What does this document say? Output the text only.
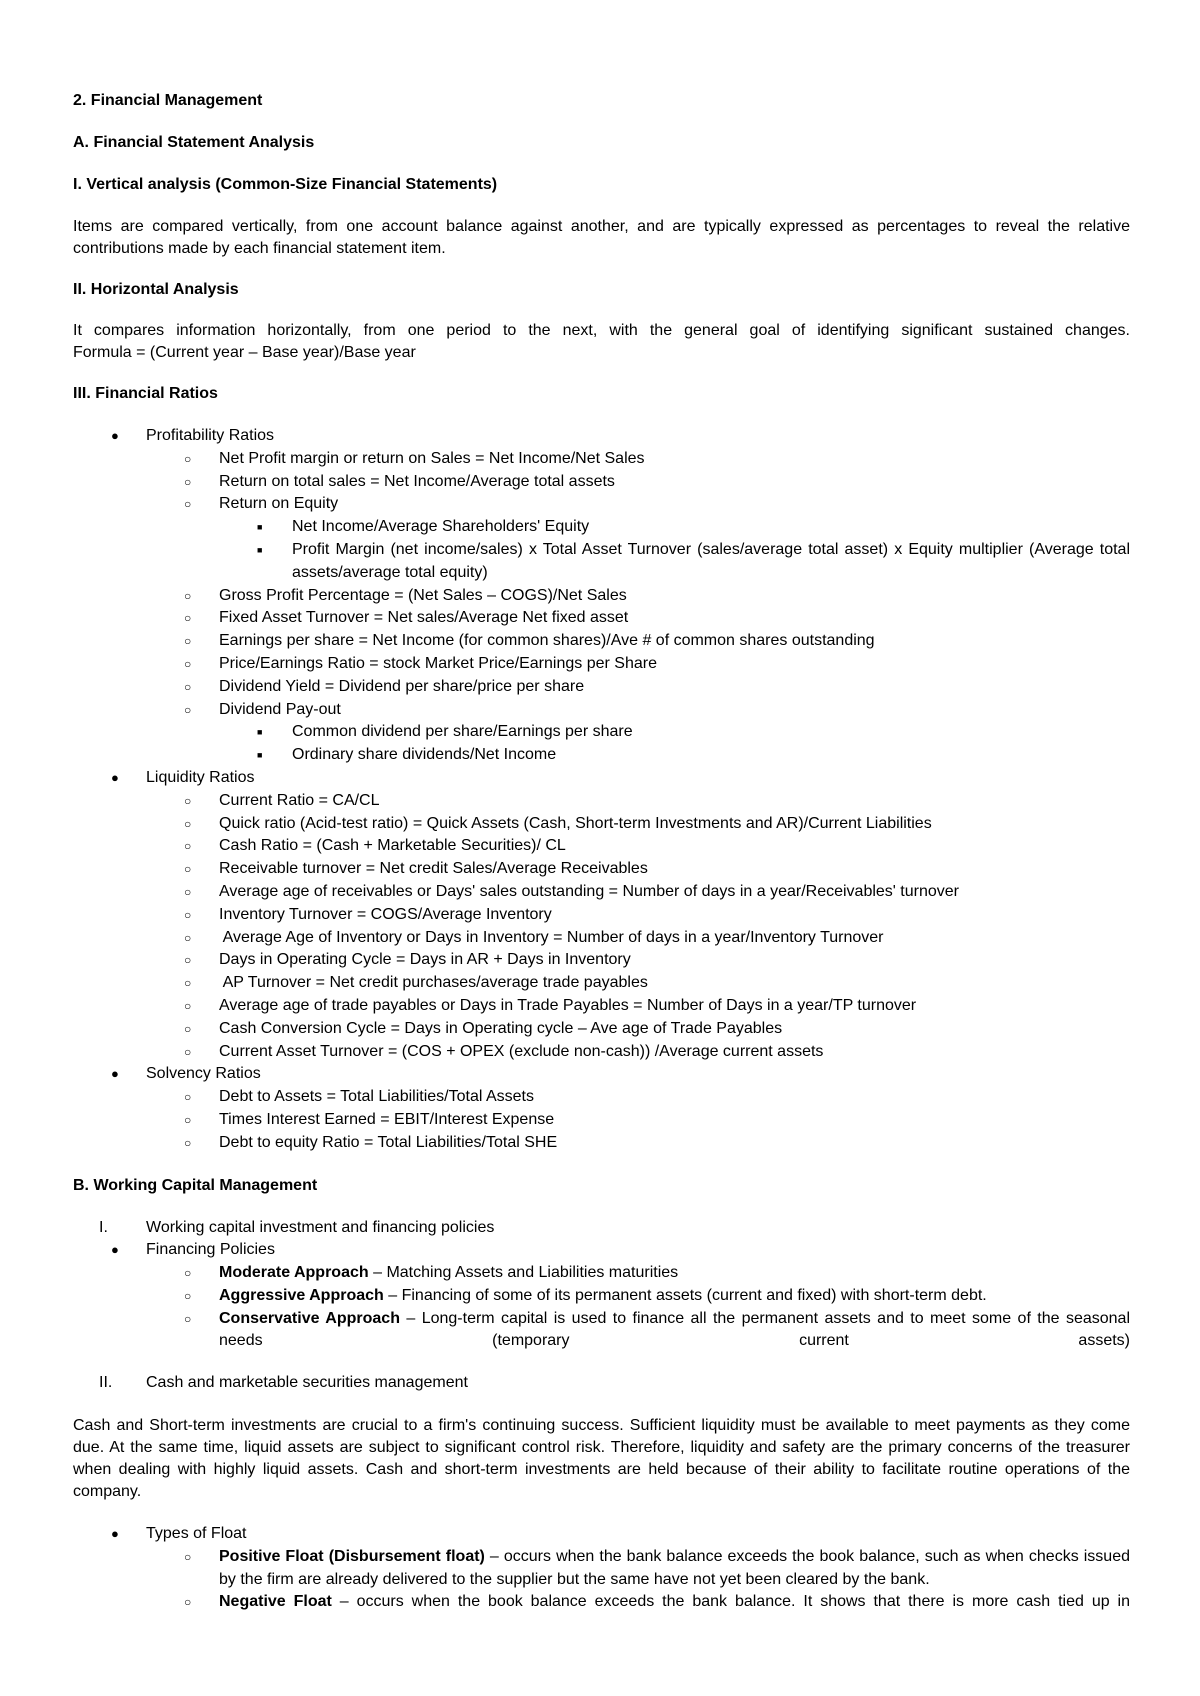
2. Financial Management

A. Financial Statement Analysis

I. Vertical analysis (Common-Size Financial Statements)

Items are compared vertically, from one account balance against another, and are typically expressed as percentages to reveal the relative contributions made by each financial statement item.

II. Horizontal Analysis

It compares information horizontally, from one period to the next, with the general goal of identifying significant sustained changes.

Formula = (Current year – Base year)/Base year

III. Financial Ratios

● Profitability Ratios
○ Net Profit margin or return on Sales = Net Income/Net Sales
○ Return on total sales = Net Income/Average total assets
○ Return on Equity
■ Net Income/Average Shareholders' Equity
■ Profit Margin (net income/sales) x Total Asset Turnover (sales/average total asset) x Equity multiplier (Average total assets/average total equity)
○ Gross Profit Percentage = (Net Sales – COGS)/Net Sales
○ Fixed Asset Turnover = Net sales/Average Net fixed asset
○ Earnings per share = Net Income (for common shares)/Ave # of common shares outstanding
○ Price/Earnings Ratio = stock Market Price/Earnings per Share
○ Dividend Yield = Dividend per share/price per share
○ Dividend Pay-out
■ Common dividend per share/Earnings per share
■ Ordinary share dividends/Net Income
● Liquidity Ratios
○ Current Ratio = CA/CL
○ Quick ratio (Acid-test ratio) = Quick Assets (Cash, Short-term Investments and AR)/Current Liabilities
○ Cash Ratio = (Cash + Marketable Securities)/ CL
○ Receivable turnover = Net credit Sales/Average Receivables
○ Average age of receivables or Days' sales outstanding = Number of days in a year/Receivables' turnover
○ Inventory Turnover = COGS/Average Inventory
○ Average Age of Inventory or Days in Inventory = Number of days in a year/Inventory Turnover
○ Days in Operating Cycle = Days in AR + Days in Inventory
○ AP Turnover = Net credit purchases/average trade payables
○ Average age of trade payables or Days in Trade Payables = Number of Days in a year/TP turnover
○ Cash Conversion Cycle = Days in Operating cycle – Ave age of Trade Payables
○ Current Asset Turnover = (COS + OPEX (exclude non-cash)) /Average current assets
● Solvency Ratios
○ Debt to Assets = Total Liabilities/Total Assets
○ Times Interest Earned = EBIT/Interest Expense
○ Debt to equity Ratio = Total Liabilities/Total SHE

B. Working Capital Management

I. Working capital investment and financing policies
● Financing Policies
○ Moderate Approach – Matching Assets and Liabilities maturities
○ Aggressive Approach – Financing of some of its permanent assets (current and fixed) with short-term debt.
○ Conservative Approach – Long-term capital is used to finance all the permanent assets and to meet some of the seasonal needs (temporary current assets)
II. Cash and marketable securities management

Cash and Short-term investments are crucial to a firm's continuing success. Sufficient liquidity must be available to meet payments as they come due. At the same time, liquid assets are subject to significant control risk. Therefore, liquidity and safety are the primary concerns of the treasurer when dealing with highly liquid assets. Cash and short-term investments are held because of their ability to facilitate routine operations of the company.

● Types of Float
○ Positive Float (Disbursement float) – occurs when the bank balance exceeds the book balance, such as when checks issued by the firm are already delivered to the supplier but the same have not yet been cleared by the bank.
○ Negative Float – occurs when the book balance exceeds the bank balance. It shows that there is more cash tied up in
